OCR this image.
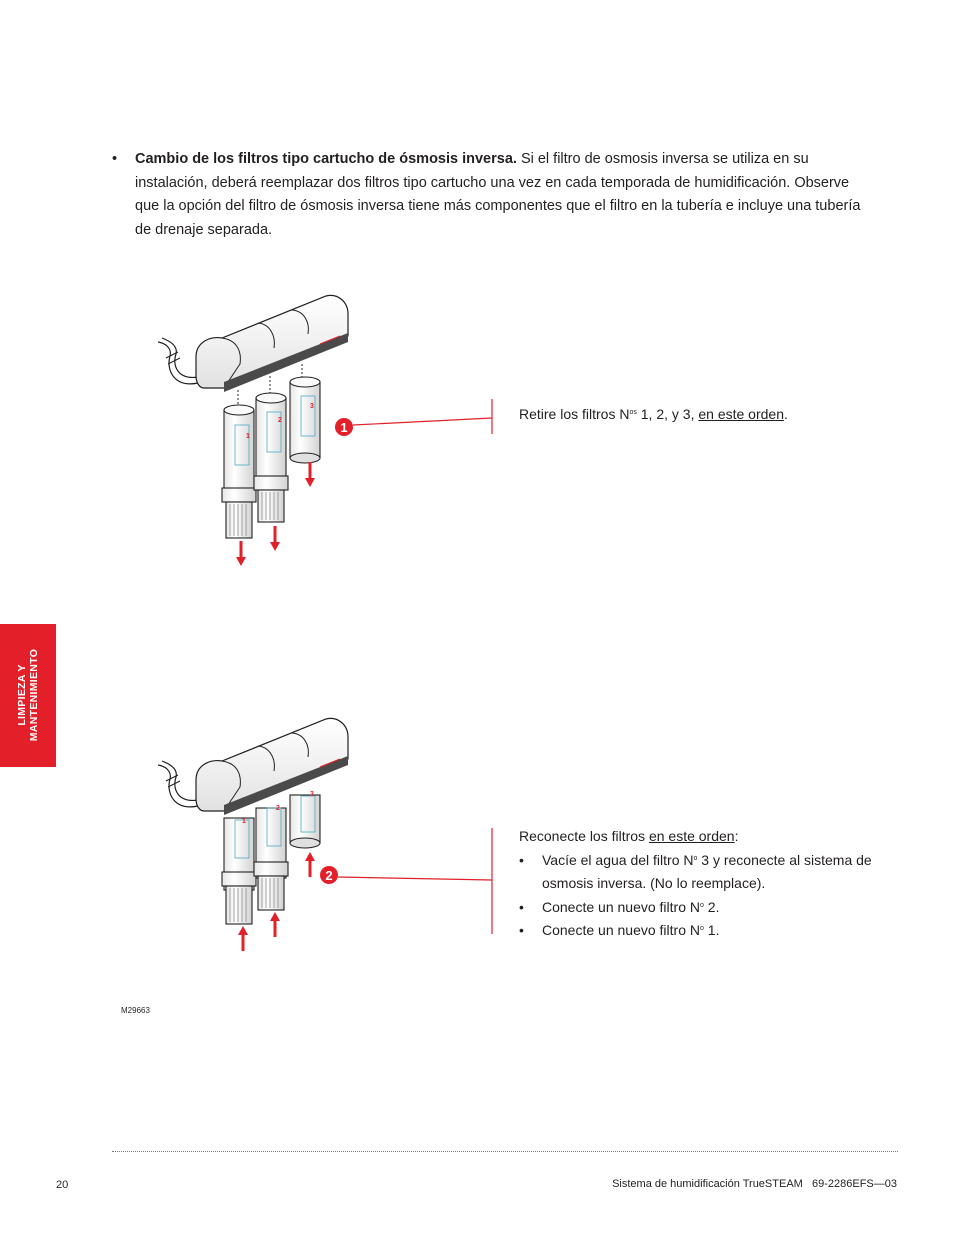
• Cambio de los filtros tipo cartucho de ósmosis inversa. Si el filtro de osmosis inversa se utiliza en su instalación, deberá reemplazar dos filtros tipo cartucho una vez en cada temporada de humidificación. Observe que la opción del filtro de ósmosis inversa tiene más componentes que el filtro en la tubería e incluye una tubería de drenaje separada.
LIMPIEZA Y
MANTENIMIENTO
1
2
3
1
1
2
3
2
Retire los filtros $N^{os}$ 1, 2, y 3, en este orden.
Reconecte los filtros en este orden:
• Vacíe el agua del filtro $N^o$ 3 y reconecte al sistema de osmosis inversa. (No lo reemplace).
• Conecte un nuevo filtro $N^o$ 2.
• Conecte un nuevo filtro $N^o$ 1.
M29663
20	Sistema de humidificación TrueSTEAM   69-2286EFS—03
